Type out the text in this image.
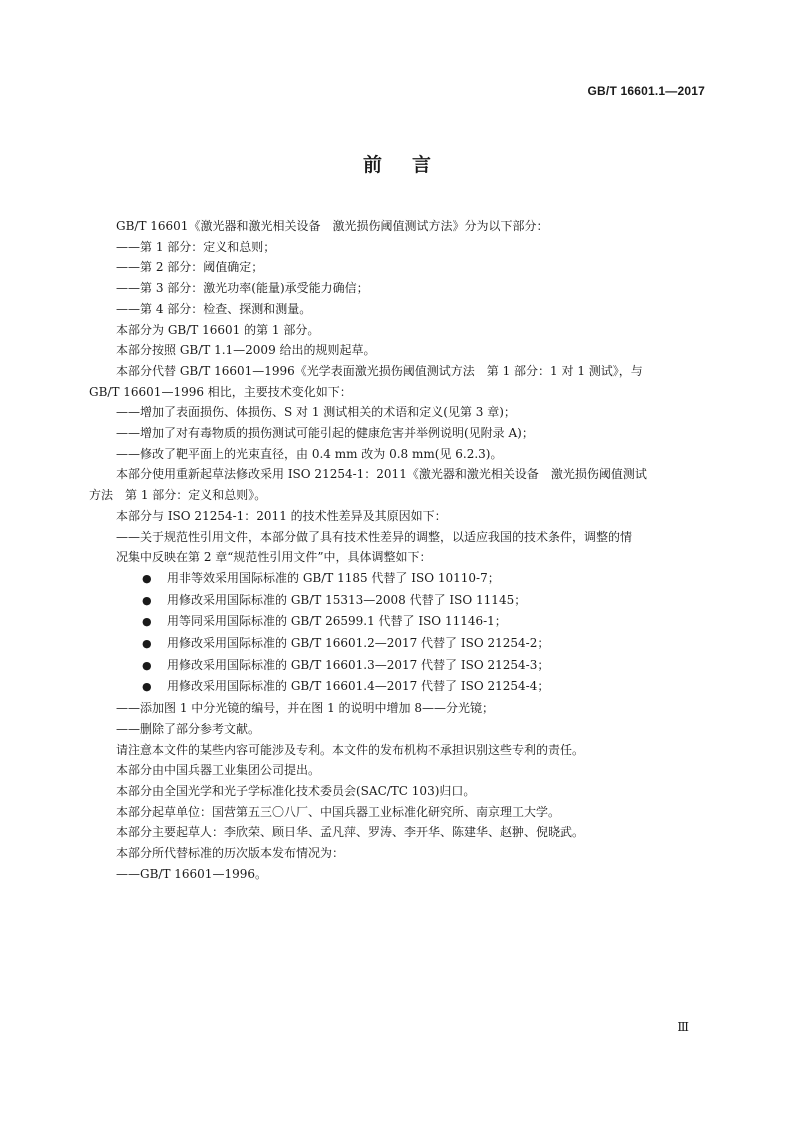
GB/T 16601.1—2017
前言

GB/T 16601《激光器和激光相关设备　激光损伤阈值测试方法》分为以下部分：

——第 1 部分：定义和总则；

——第 2 部分：阈值确定；

——第 3 部分：激光功率(能量)承受能力确信；

——第 4 部分：检查、探测和测量。

本部分为 GB/T 16601 的第 1 部分。

本部分按照 GB/T 1.1—2009 给出的规则起草。

本部分代替 GB/T 16601—1996《光学表面激光损伤阈值测试方法　第 1 部分：1 对 1 测试》，与

GB/T 16601—1996 相比，主要技术变化如下：

——增加了表面损伤、体损伤、S 对 1 测试相关的术语和定义(见第 3 章)；

——增加了对有毒物质的损伤测试可能引起的健康危害并举例说明(见附录 A)；

——修改了靶平面上的光束直径，由 0.4 mm 改为 0.8 mm(见 6.2.3)。

本部分使用重新起草法修改采用 ISO 21254-1：2011《激光器和激光相关设备　激光损伤阈值测试

方法　第 1 部分：定义和总则》。

本部分与 ISO 21254-1：2011 的技术性差异及其原因如下：

——关于规范性引用文件，本部分做了具有技术性差异的调整，以适应我国的技术条件，调整的情

况集中反映在第 2 章“规范性引用文件”中，具体调整如下：

● 用非等效采用国际标准的 GB/T 1185 代替了 ISO 10110-7；
● 用修改采用国际标准的 GB/T 15313—2008 代替了 ISO 11145；
● 用等同采用国际标准的 GB/T 26599.1 代替了 ISO 11146-1；
● 用修改采用国际标准的 GB/T 16601.2—2017 代替了 ISO 21254-2；
● 用修改采用国际标准的 GB/T 16601.3—2017 代替了 ISO 21254-3；
● 用修改采用国际标准的 GB/T 16601.4—2017 代替了 ISO 21254-4；

——添加图 1 中分光镜的编号，并在图 1 的说明中增加 8——分光镜；

——删除了部分参考文献。

请注意本文件的某些内容可能涉及专利。本文件的发布机构不承担识别这些专利的责任。

本部分由中国兵器工业集团公司提出。

本部分由全国光学和光子学标准化技术委员会(SAC/TC 103)归口。

本部分起草单位：国营第五三〇八厂、中国兵器工业标准化研究所、南京理工大学。

本部分主要起草人：李欣荣、顾日华、孟凡萍、罗涛、李开华、陈建华、赵翀、倪晓武。

本部分所代替标准的历次版本发布情况为：

——GB/T 16601—1996。

Ⅲ
